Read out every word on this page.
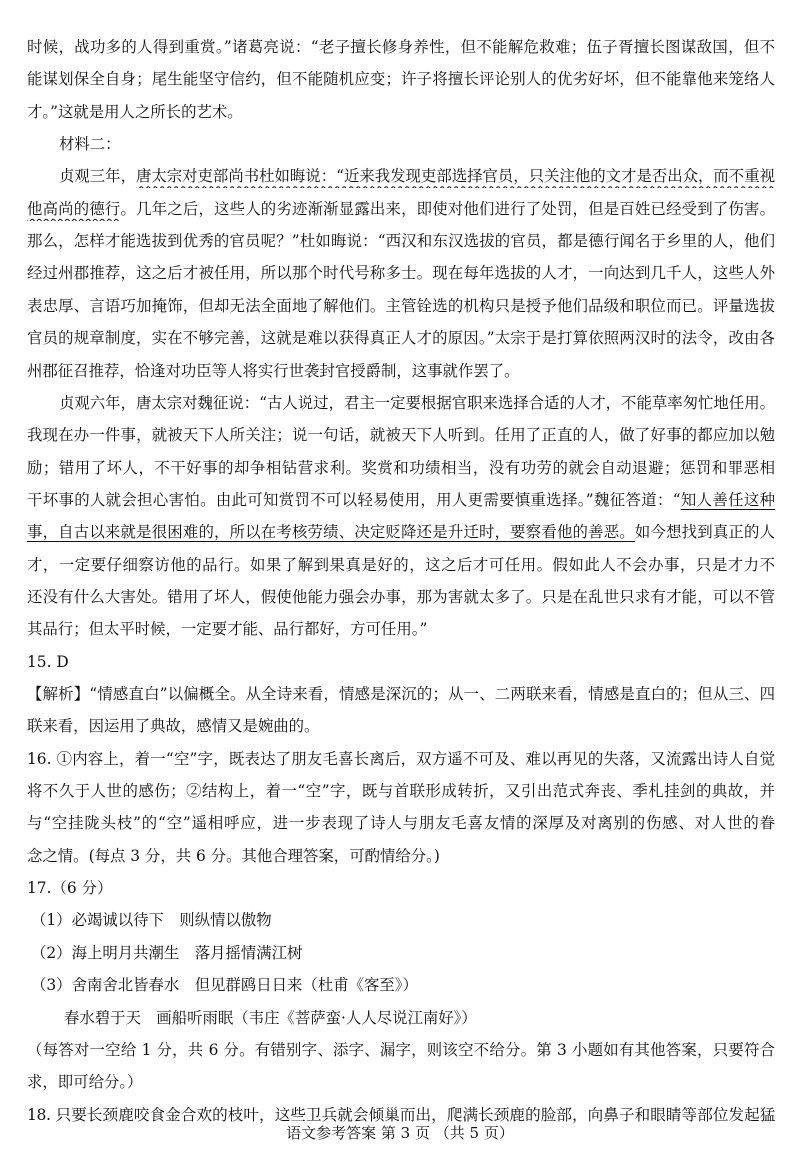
时候，战功多的人得到重赏。”诸葛亮说：“老子擅长修身养性，但不能解危救难；伍子胥擅长图谋敌国，但不
能谋划保全自身；尾生能坚守信约，但不能随机应变；许子将擅长评论别人的优劣好坏，但不能靠他来笼络人
才。”这就是用人之所长的艺术。
材料二：
贞观三年，唐太宗对吏部尚书杜如晦说：“近来我发现吏部选择官员，只关注他的文才是否出众，而不重视
他高尚的德行。几年之后，这些人的劣迹渐渐显露出来，即使对他们进行了处罚，但是百姓已经受到了伤害。
那么，怎样才能选拔到优秀的官员呢？”杜如晦说：“西汉和东汉选拔的官员，都是德行闻名于乡里的人，他们
经过州郡推荐，这之后才被任用，所以那个时代号称多士。现在每年选拔的人才，一向达到几千人，这些人外
表忠厚、言语巧加掩饰，但却无法全面地了解他们。主管铨选的机构只是授予他们品级和职位而已。评量选拔
官员的规章制度，实在不够完善，这就是难以获得真正人才的原因。”太宗于是打算依照两汉时的法令，改由各
州郡征召推荐，恰逢对功臣等人将实行世袭封官授爵制，这事就作罢了。
贞观六年，唐太宗对魏征说：“古人说过，君主一定要根据官职来选择合适的人才，不能草率匆忙地任用。
我现在办一件事，就被天下人所关注；说一句话，就被天下人听到。任用了正直的人，做了好事的都应加以勉
励；错用了坏人，不干好事的却争相钻营求利。奖赏和功绩相当，没有功劳的就会自动退避；惩罚和罪恶相
干坏事的人就会担心害怕。由此可知赏罚不可以轻易使用，用人更需要慎重选择。”魏征答道：“知人善任这种
事，自古以来就是很困难的，所以在考核劳绩、决定贬降还是升迁时，要察看他的善恶。如今想找到真正的人
才，一定要仔细察访他的品行。如果了解到果真是好的，这之后才可任用。假如此人不会办事，只是才力不
还没有什么大害处。错用了坏人，假使他能力强会办事，那为害就太多了。只是在乱世只求有才能，可以不管
其品行；但太平时候，一定要才能、品行都好，方可任用。”
15. D
【解析】“情感直白”以偏概全。从全诗来看，情感是深沉的；从一、二两联来看，情感是直白的；但从三、四
联来看，因运用了典故，感情又是婉曲的。
16. ①内容上，着一“空”字，既表达了朋友毛喜长离后，双方遥不可及、难以再见的失落，又流露出诗人自觉
将不久于人世的感伤；②结构上，着一“空”字，既与首联形成转折，又引出范式奔丧、季札挂剑的典故，并
与“空挂陇头枝”的“空”遥相呼应，进一步表现了诗人与朋友毛喜友情的深厚及对离别的伤感、对人世的眷
念之情。(每点 3 分，共 6 分。其他合理答案，可酌情给分。)
17.（6 分）
（1）必竭诚以待下　则纵情以傲物
（2）海上明月共潮生　落月摇情满江树
（3）舍南舍北皆春水　但见群鸥日日来（杜甫《客至》）
春水碧于天　画船听雨眠（韦庄《菩萨蛮·人人尽说江南好》）
（每答对一空给 1 分，共 6 分。有错别字、添字、漏字，则该空不给分。第 3 小题如有其他答案，只要符合
求，即可给分。）
18. 只要长颈鹿咬食金合欢的枝叶，这些卫兵就会倾巢而出，爬满长颈鹿的脸部，向鼻子和眼睛等部位发起猛
语文参考答案 第 3 页 （共 5 页）
